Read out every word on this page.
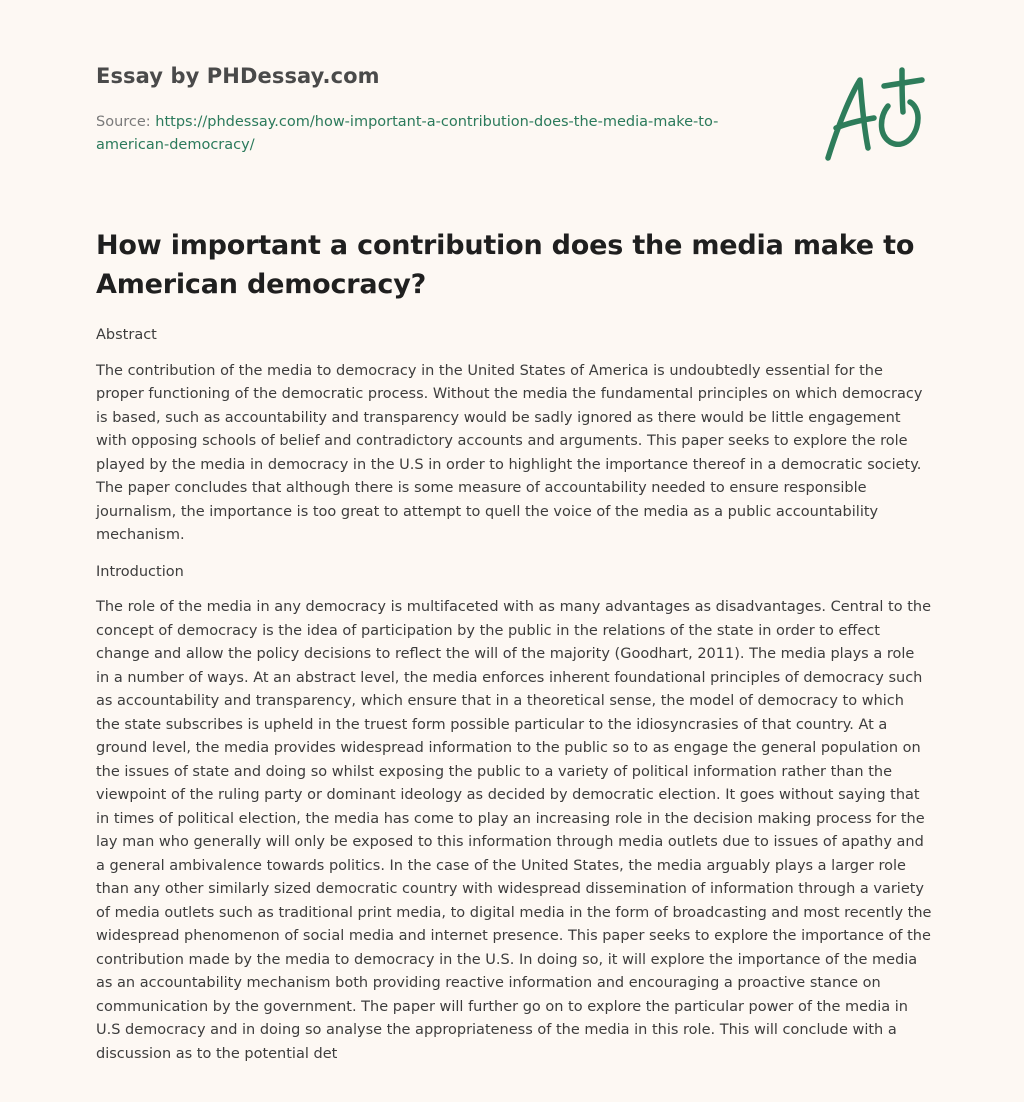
Essay by PHDessay.com

Source: https://phdessay.com/how-important-a-contribution-does-the-media-make-to-american-democracy/

How important a contribution does the media make to American democracy?

Abstract

The contribution of the media to democracy in the United States of America is undoubtedly essential for the proper functioning of the democratic process. Without the media the fundamental principles on which democracy is based, such as accountability and transparency would be sadly ignored as there would be little engagement with opposing schools of belief and contradictory accounts and arguments. This paper seeks to explore the role played by the media in democracy in the U.S in order to highlight the importance thereof in a democratic society. The paper concludes that although there is some measure of accountability needed to ensure responsible journalism, the importance is too great to attempt to quell the voice of the media as a public accountability mechanism.

Introduction

The role of the media in any democracy is multifaceted with as many advantages as disadvantages. Central to the concept of democracy is the idea of participation by the public in the relations of the state in order to effect change and allow the policy decisions to reflect the will of the majority (Goodhart, 2011). The media plays a role in a number of ways. At an abstract level, the media enforces inherent foundational principles of democracy such as accountability and transparency, which ensure that in a theoretical sense, the model of democracy to which the state subscribes is upheld in the truest form possible particular to the idiosyncrasies of that country. At a ground level, the media provides widespread information to the public so to as engage the general population on the issues of state and doing so whilst exposing the public to a variety of political information rather than the viewpoint of the ruling party or dominant ideology as decided by democratic election. It goes without saying that in times of political election, the media has come to play an increasing role in the decision making process for the lay man who generally will only be exposed to this information through media outlets due to issues of apathy and a general ambivalence towards politics. In the case of the United States, the media arguably plays a larger role than any other similarly sized democratic country with widespread dissemination of information through a variety of media outlets such as traditional print media, to digital media in the form of broadcasting and most recently the widespread phenomenon of social media and internet presence. This paper seeks to explore the importance of the contribution made by the media to democracy in the U.S. In doing so, it will explore the importance of the media as an accountability mechanism both providing reactive information and encouraging a proactive stance on communication by the government. The paper will further go on to explore the particular power of the media in U.S democracy and in doing so analyse the appropriateness of the media in this role. This will conclude with a discussion as to the potential det
